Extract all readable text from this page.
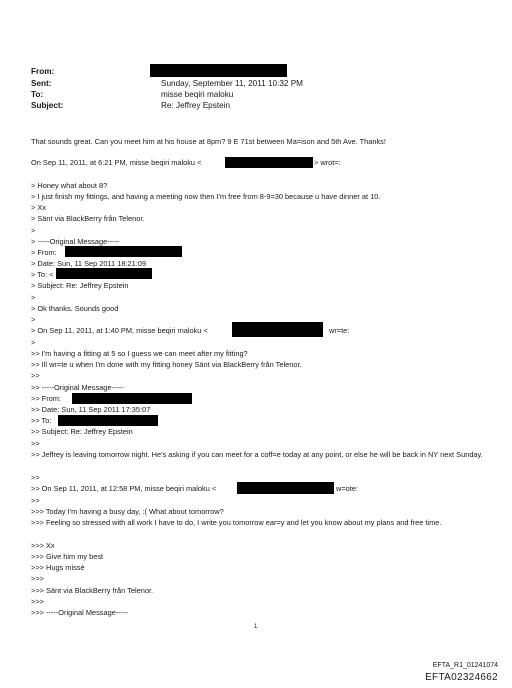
From:
Sent:	Sunday, September 11, 2011 10:32 PM
To:	misse beqiri maloku
Subject:	Re: Jeffrey Epstein
That sounds great. Can you meet him at his house at 8pm? 9 E 71st between Ma=ison and 5th Ave. Thanks!
On Sep 11, 2011, at 6:21 PM, misse beqiri maloku <	> wrot=:
> Honey what about 8?
> I just finish my fittings, and having a meeting now then I'm free from 8-9=30 because u have dinner at 10.
> Xx
> Sänt via BlackBerry från Telenor.
>
> -----Original Message-----
> From:
> Date: Sun, 11 Sep 2011 18:21:09
> To: <
> Subject: Re: Jeffrey Epstein
>
> Ok thanks. Sounds good
>
> On Sep 11, 2011, at 1:40 PM, misse beqiri maloku <	wr=te:
>
>> I'm having a fitting at 5 so I guess we can meet after my fitting?
>> Ill wr=te u when I'm done with my fitting honey Sänt via BlackBerry från Telenor.
>>
>> -----Original Message-----
>> From:
>> Date: Sun, 11 Sep 2011 17:35:07
>> To:
>> Subject: Re: Jeffrey Epstein
>>
>> Jeffrey is leaving tomorrow night. He's asking if you can meet for a coff=e today at any point, or else he will be back in NY next Sunday.
>>
>> On Sep 11, 2011, at 12:58 PM, misse beqiri maloku <	w=ote:
>>
>>> Today I'm having a busy day, :( What about tomorrow?
>>> Feeling so stressed with all work I have to do, I write you tomorrow ear=y and let you know about my plans and free time.
>>> Xx
>>> Give him my best
>>> Hugs missè
>>>
>>> Sänt via BlackBerry från Telenor.
>>>
>>> -----Original Message-----
1
EFTA_R1_01241074
EFTA02324662
